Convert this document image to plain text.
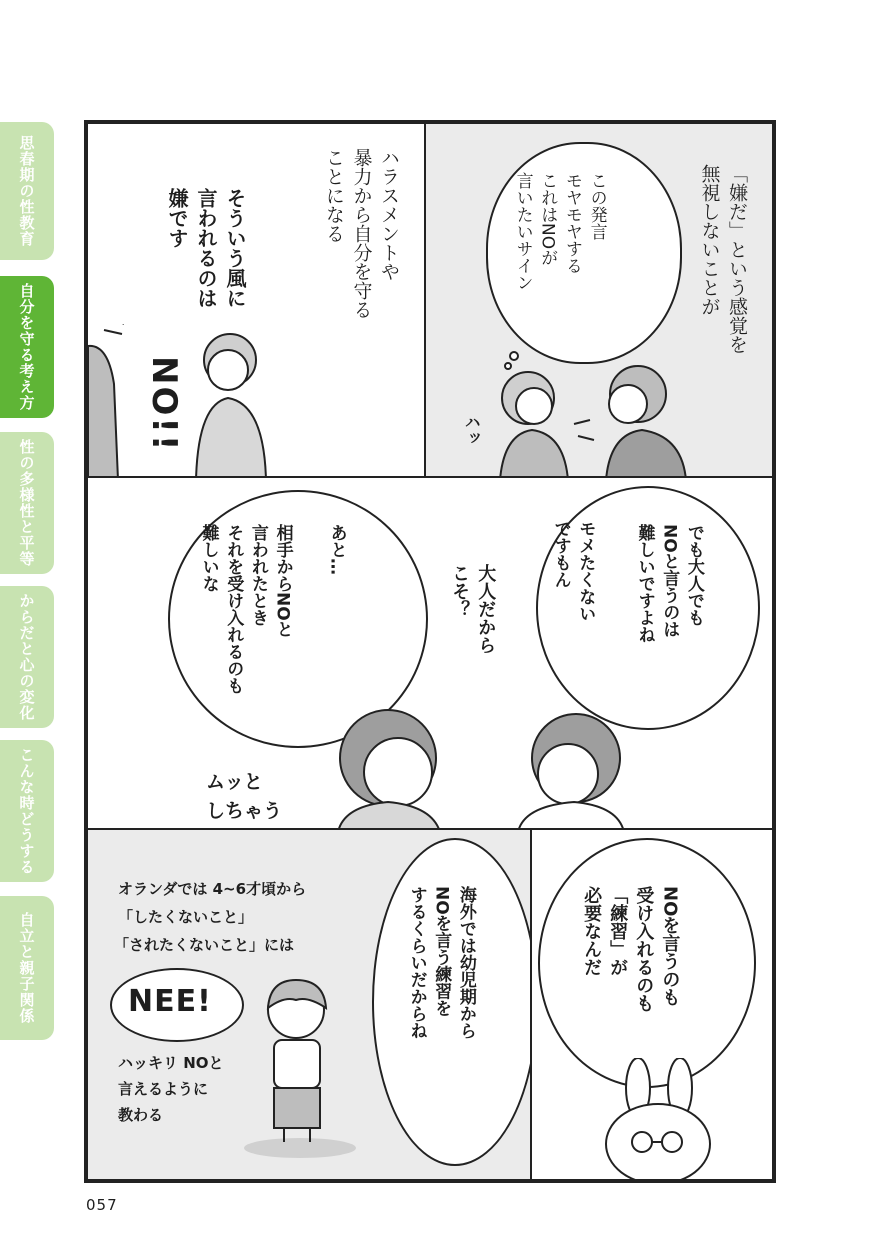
思春期の性教育
自分を守る考え方
性の多様性と平等
からだと心の変化
こんな時どうする
自立と親子関係
「嫌だ」という感覚を
無視しないことが
この発言
モヤモヤする
これはNOが
言いたいサイン
ハッ
ハラスメントや
暴力から自分を守る
ことになる
そういう風に
言われるのは
嫌です
NO!!
でも大人でも
NOと言うのは
難しいですよね
モメたくない
ですもん
大人だから
こそ？
あと…
相手からNOと
言われたとき
それを受け入れるのも
難しいな
ムッと
しちゃう
オランダでは 4~6才頃から
「したくないこと」
「されたくないこと」には
NEE!
ハッキリ NOと
言えるように
教わる
海外では幼児期から
NOを言う練習を
するくらいだからね	NOを言うのも
受け入れるのも
「練習」が
必要なんだ
057
